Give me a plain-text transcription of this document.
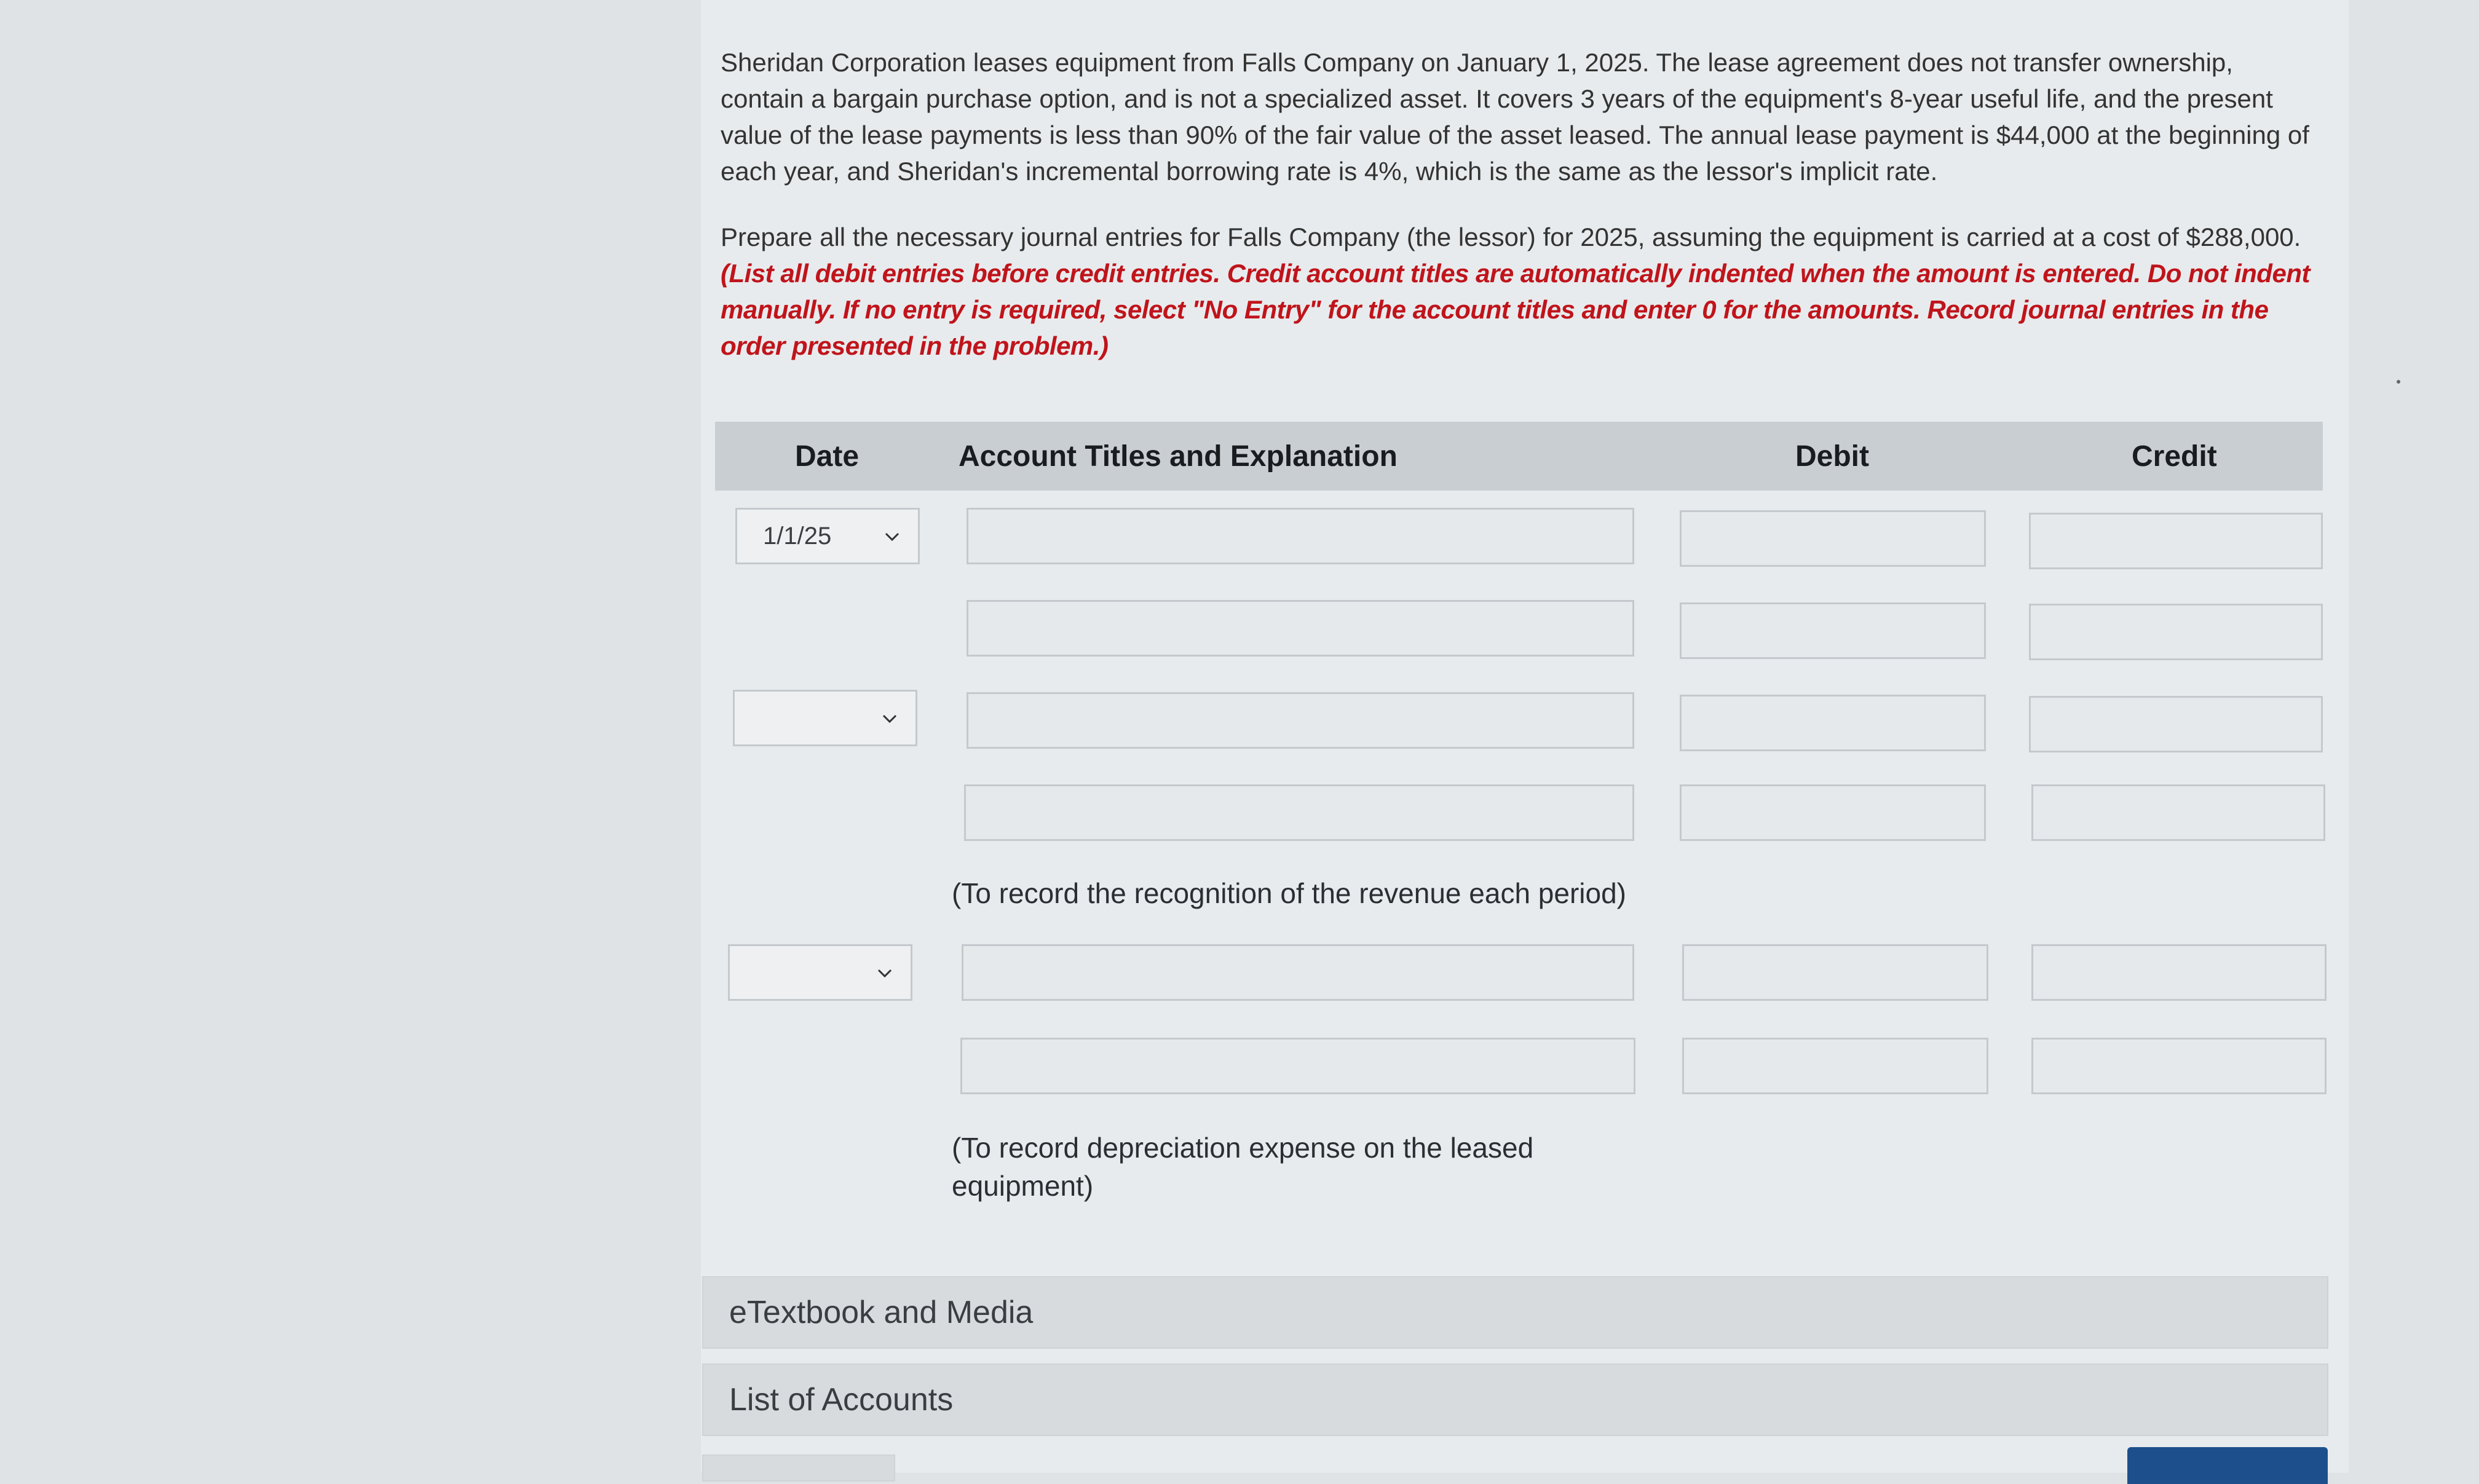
Sheridan Corporation leases equipment from Falls Company on January 1, 2025. The lease agreement does not transfer ownership, contain a bargain purchase option, and is not a specialized asset. It covers 3 years of the equipment's 8-year useful life, and the present value of the lease payments is less than 90% of the fair value of the asset leased. The annual lease payment is $44,000 at the beginning of each year, and Sheridan's incremental borrowing rate is 4%, which is the same as the lessor's implicit rate.

Prepare all the necessary journal entries for Falls Company (the lessor) for 2025, assuming the equipment is carried at a cost of $288,000. (List all debit entries before credit entries. Credit account titles are automatically indented when the amount is entered. Do not indent manually. If no entry is required, select "No Entry" for the account titles and enter 0 for the amounts. Record journal entries in the order presented in the problem.)

Date	Account Titles and Explanation	Debit	Credit
1/1/25
(To record the recognition of the revenue each period)
(To record depreciation expense on the leased equipment)
eTextbook and Media
List of Accounts
